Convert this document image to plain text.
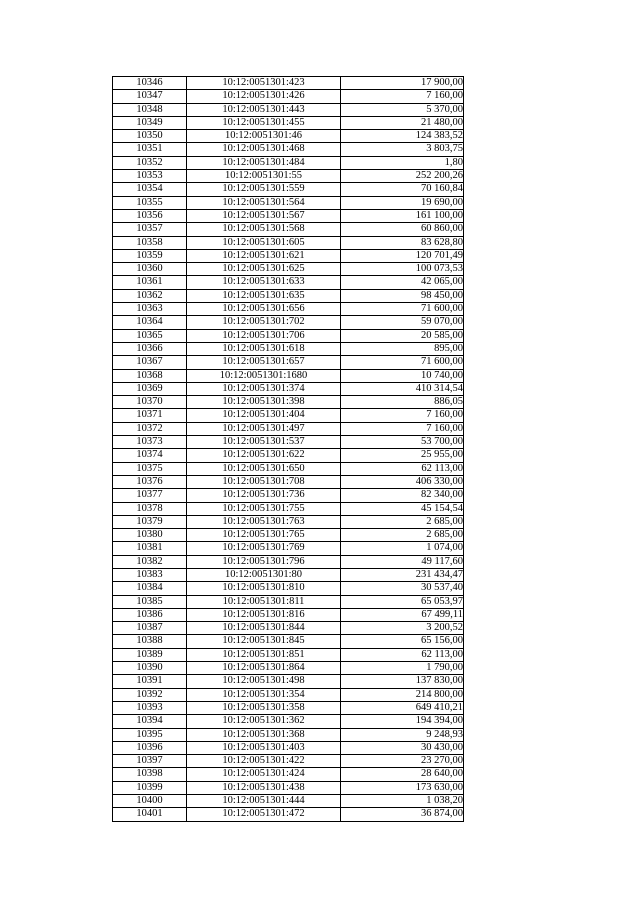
10346	10:12:0051301:423	17 900,00
10347	10:12:0051301:426	7 160,00
10348	10:12:0051301:443	5 370,00
10349	10:12:0051301:455	21 480,00
10350	10:12:0051301:46	124 383,52
10351	10:12:0051301:468	3 803,75
10352	10:12:0051301:484	1,80
10353	10:12:0051301:55	252 200,26
10354	10:12:0051301:559	70 160,84
10355	10:12:0051301:564	19 690,00
10356	10:12:0051301:567	161 100,00
10357	10:12:0051301:568	60 860,00
10358	10:12:0051301:605	83 628,80
10359	10:12:0051301:621	120 701,49
10360	10:12:0051301:625	100 073,53
10361	10:12:0051301:633	42 065,00
10362	10:12:0051301:635	98 450,00
10363	10:12:0051301:656	71 600,00
10364	10:12:0051301:702	59 070,00
10365	10:12:0051301:706	20 585,00
10366	10:12:0051301:618	895,00
10367	10:12:0051301:657	71 600,00
10368	10:12:0051301:1680	10 740,00
10369	10:12:0051301:374	410 314,54
10370	10:12:0051301:398	886,05
10371	10:12:0051301:404	7 160,00
10372	10:12:0051301:497	7 160,00
10373	10:12:0051301:537	53 700,00
10374	10:12:0051301:622	25 955,00
10375	10:12:0051301:650	62 113,00
10376	10:12:0051301:708	406 330,00
10377	10:12:0051301:736	82 340,00
10378	10:12:0051301:755	45 154,54
10379	10:12:0051301:763	2 685,00
10380	10:12:0051301:765	2 685,00
10381	10:12:0051301:769	1 074,00
10382	10:12:0051301:796	49 117,60
10383	10:12:0051301:80	231 434,47
10384	10:12:0051301:810	30 537,40
10385	10:12:0051301:811	65 053,97
10386	10:12:0051301:816	67 499,11
10387	10:12:0051301:844	3 200,52
10388	10:12:0051301:845	65 156,00
10389	10:12:0051301:851	62 113,00
10390	10:12:0051301:864	1 790,00
10391	10:12:0051301:498	137 830,00
10392	10:12:0051301:354	214 800,00
10393	10:12:0051301:358	649 410,21
10394	10:12:0051301:362	194 394,00
10395	10:12:0051301:368	9 248,93
10396	10:12:0051301:403	30 430,00
10397	10:12:0051301:422	23 270,00
10398	10:12:0051301:424	28 640,00
10399	10:12:0051301:438	173 630,00
10400	10:12:0051301:444	1 038,20
10401	10:12:0051301:472	36 874,00
